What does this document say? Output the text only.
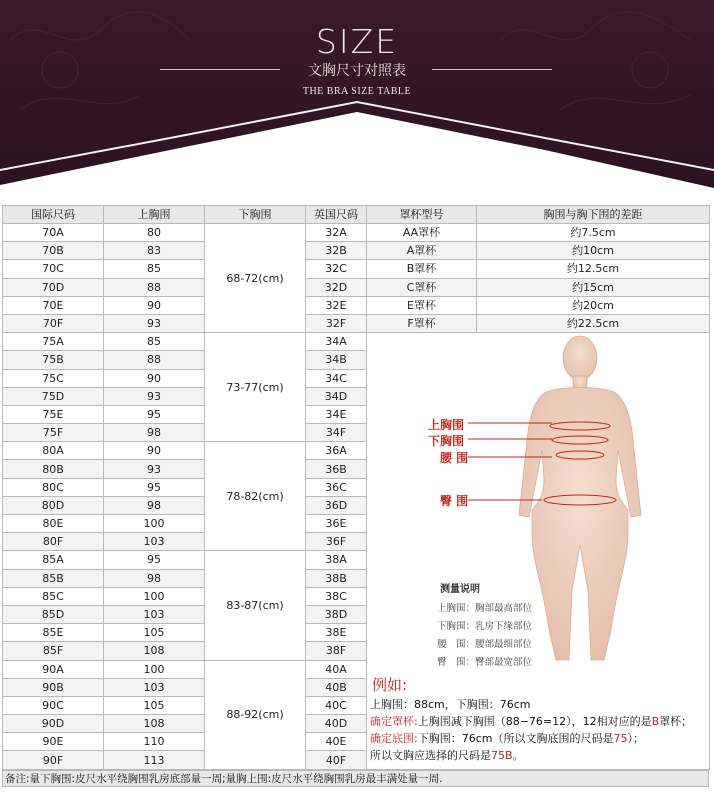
SIZE
文胸尺寸对照表
THE BRA SIZE TABLE
国际尺码	上胸围	下胸围	英国尺码	罩杯型号	胸围与胸下围的差距
70A	80	68-72(cm)	32A	AA罩杯	约7.5cm
70B	83		32B	A罩杯	约10cm
70C	85		32C	B罩杯	约12.5cm
70D	88		32D	C罩杯	约15cm
70E	90		32E	E罩杯	约20cm
70F	93		32F	F罩杯	约22.5cm
75A	85	73-77(cm)	34A		
75B	88		34B		
75C	90		34C		
75D	93		34D		
75E	95		34E		
75F	98		34F		
80A	90	78-82(cm)	36A		
80B	93		36B		
80C	95		36C		
80D	98		36D		
80E	100		36E		
80F	103		36F		
85A	95	83-87(cm)	38A		
85B	98		38B		
85C	100		38C		
85D	103		38D		
85E	105		38E		
85F	108		38F		
90A	100	88-92(cm)	40A		
90B	103		40B		
90C	105		40C		
90D	108		40D		
90E	110		40E		
90F	113		40F		
上胸围
下胸围
腰 围
臀 围
测量说明
上胸围：胸部最高部位
下胸围：乳房下缘部位
腰　围：腰部最细部位
臀　围：臀部最宽部位
例如:
上胸围：88cm，下胸围：76cm
确定罩杯:上胸围减下胸围（88−76=12），12相对应的是B罩杯；
确定底围:下胸围：76cm（所以文胸底围的尺码是75）；
所以文胸应选择的尺码是75B。
备注:量下胸围:皮尺水平绕胸围乳房底部量一周;量胸上围:皮尺水平绕胸围乳房最丰满处量一周.
